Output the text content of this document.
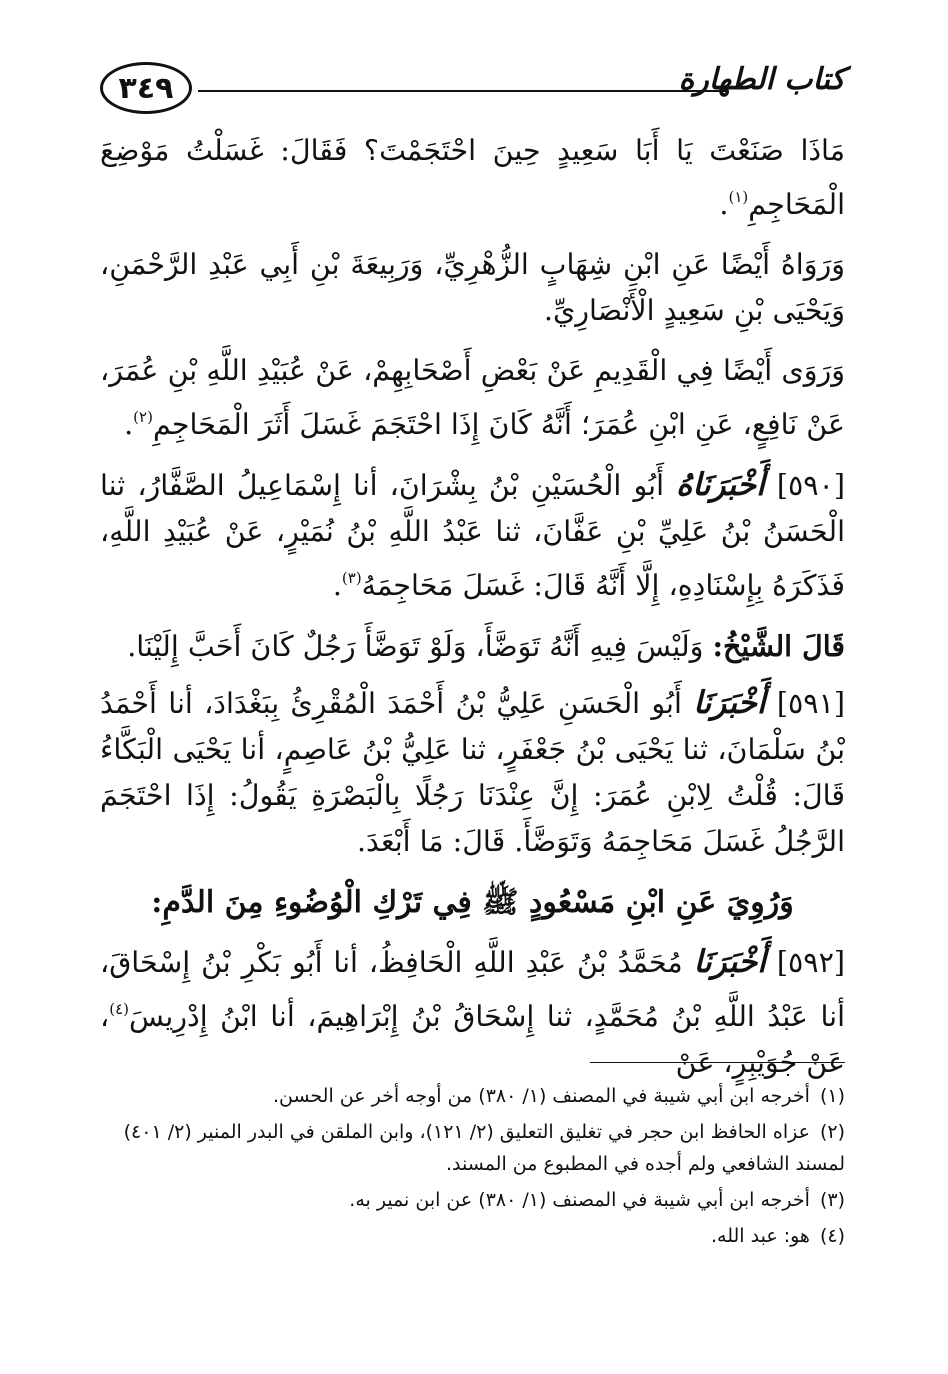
٣٤٩	كتاب الطهارة

مَاذَا صَنَعْتَ يَا أَبَا سَعِيدٍ حِينَ احْتَجَمْتَ؟ فَقَالَ: غَسَلْتُ مَوْضِعَ الْمَحَاجِمِ$^{(١)}$.

وَرَوَاهُ أَيْضًا عَنِ ابْنِ شِهَابٍ الزُّهْرِيِّ، وَرَبِيعَةَ بْنِ أَبِي عَبْدِ الرَّحْمَنِ، وَيَحْيَى بْنِ سَعِيدٍ الْأَنْصَارِيِّ.

وَرَوَى أَيْضًا فِي الْقَدِيمِ عَنْ بَعْضِ أَصْحَابِهِمْ، عَنْ عُبَيْدِ اللَّهِ بْنِ عُمَرَ، عَنْ نَافِعٍ، عَنِ ابْنِ عُمَرَ؛ أَنَّهُ كَانَ إِذَا احْتَجَمَ غَسَلَ أَثَرَ الْمَحَاجِمِ$^{(٢)}$.

[٥٩٠] أَخْبَرَنَاهُ أَبُو الْحُسَيْنِ بْنُ بِشْرَانَ، أنا إِسْمَاعِيلُ الصَّفَّارُ، ثنا الْحَسَنُ بْنُ عَلِيِّ بْنِ عَفَّانَ، ثنا عَبْدُ اللَّهِ بْنُ نُمَيْرٍ، عَنْ عُبَيْدِ اللَّهِ، فَذَكَرَهُ بِإِسْنَادِهِ، إِلَّا أَنَّهُ قَالَ: غَسَلَ مَحَاجِمَهُ$^{(٣)}$.

قَالَ الشَّيْخُ: وَلَيْسَ فِيهِ أَنَّهُ تَوَضَّأَ، وَلَوْ تَوَضَّأَ رَجُلٌ كَانَ أَحَبَّ إِلَيْنَا.

[٥٩١] أَخْبَرَنَا أَبُو الْحَسَنِ عَلِيُّ بْنُ أَحْمَدَ الْمُقْرِئُ بِبَغْدَادَ، أنا أَحْمَدُ بْنُ سَلْمَانَ، ثنا يَحْيَى بْنُ جَعْفَرٍ، ثنا عَلِيُّ بْنُ عَاصِمٍ، أنا يَحْيَى الْبَكَّاءُ قَالَ: قُلْتُ لِابْنِ عُمَرَ: إِنَّ عِنْدَنَا رَجُلًا بِالْبَصْرَةِ يَقُولُ: إِذَا احْتَجَمَ الرَّجُلُ غَسَلَ مَحَاجِمَهُ وَتَوَضَّأَ. قَالَ: مَا أَبْعَدَ.

وَرُوِيَ عَنِ ابْنِ مَسْعُودٍ ﷺ فِي تَرْكِ الْوُضُوءِ مِنَ الدَّمِ:

[٥٩٢] أَخْبَرَنَا مُحَمَّدُ بْنُ عَبْدِ اللَّهِ الْحَافِظُ، أنا أَبُو بَكْرِ بْنُ إِسْحَاقَ، أنا عَبْدُ اللَّهِ بْنُ مُحَمَّدٍ، ثنا إِسْحَاقُ بْنُ إِبْرَاهِيمَ، أنا ابْنُ إِدْرِيسَ$^{(٤)}$، عَنْ جُوَيْبِرٍ، عَنْ

(١)أخرجه ابن أبي شيبة في المصنف (١/ ٣٨٠) من أوجه أخر عن الحسن.

(٢)عزاه الحافظ ابن حجر في تغليق التعليق (٢/ ١٢١)، وابن الملقن في البدر المنير (٢/ ٤٠١) لمسند الشافعي ولم أجده في المطبوع من المسند.

(٣)أخرجه ابن أبي شيبة في المصنف (١/ ٣٨٠) عن ابن نمير به.

(٤)هو: عبد الله.
